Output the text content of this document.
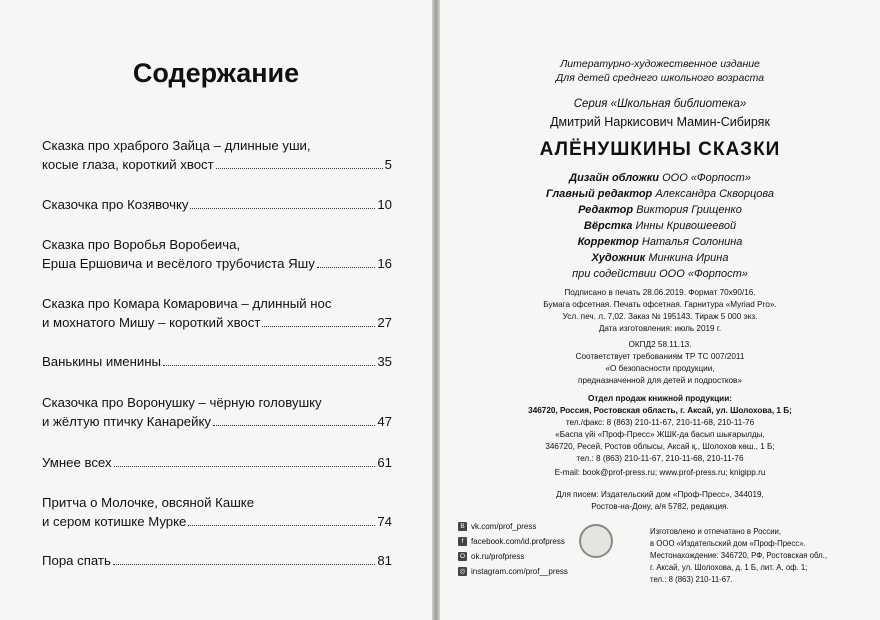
Содержание
Сказка про храброго Зайца – длинные уши,
косые глаза, короткий хвост	5
Сказочка про Козявочку	10
Сказка про Воробья Воробеича,
Ерша Ершовича и весёлого трубочиста Яшу	16
Сказка про Комара Комаровича – длинный нос
и мохнатого Мишу – короткий хвост	27
Ванькины именины	35
Сказочка про Воронушку – чёрную головушку
и жёлтую птичку Канарейку	47
Умнее всех	61
Притча о Молочке, овсяной Кашке
и сером котишке Мурке	74
Пора спать	81
Литературно-художественное издание
Для детей среднего школьного возраста
Серия «Школьная библиотека»
Дмитрий Наркисович Мамин-Сибиряк
АЛЁНУШКИНЫ СКАЗКИ
Дизайн обложки ООО «Форпост»
Главный редактор Александра Скворцова
Редактор Виктория Грищенко
Вёрстка Инны Кривошеевой
Корректор Наталья Солонина
Художник Минкина Ирина
при содействии ООО «Форпост»
Подписано в печать 28.06.2019. Формат 70х90/16.
Бумага офсетная. Печать офсетная. Гарнитура «Myriad Pro».
Усл. печ. л. 7,02. Заказ № 195143. Тираж 5 000 экз.
Дата изготовления: июль 2019 г.
ОКПД2 58.11.13.
Соответствует требованиям ТР ТС 007/2011
«О безопасности продукции,
предназначенной для детей и подростков»
Отдел продаж книжной продукции:
346720, Россия, Ростовская область, г. Аксай, ул. Шолохова, 1 Б;
тел./факс: 8 (863) 210-11-67, 210-11-68, 210-11-76
«Баспа үйі «Проф-Пресс» ЖШК-да басып шығарылды,
346720, Ресей, Ростов облысы, Аксай қ., Шолохов көш., 1 Б;
тел.: 8 (863) 210-11-67, 210-11-68, 210-11-76
E-mail: book@prof-press.ru; www.prof-press.ru; knigipp.ru
Для писем: Издательский дом «Проф-Пресс», 344019,
Ростов-на-Дону, а/я 5782, редакция.
В vk.com/prof_press
f facebook.com/id.profpress
О ok.ru/profpress
◎ instagram.com/prof__press
Изготовлено и отпечатано в России,
в ООО «Издательский дом «Проф-Пресс».
Местонахождение: 346720, РФ, Ростовская обл.,
г. Аксай, ул. Шолохова, д. 1 Б, лит. А, оф. 1;
тел.: 8 (863) 210-11-67.
